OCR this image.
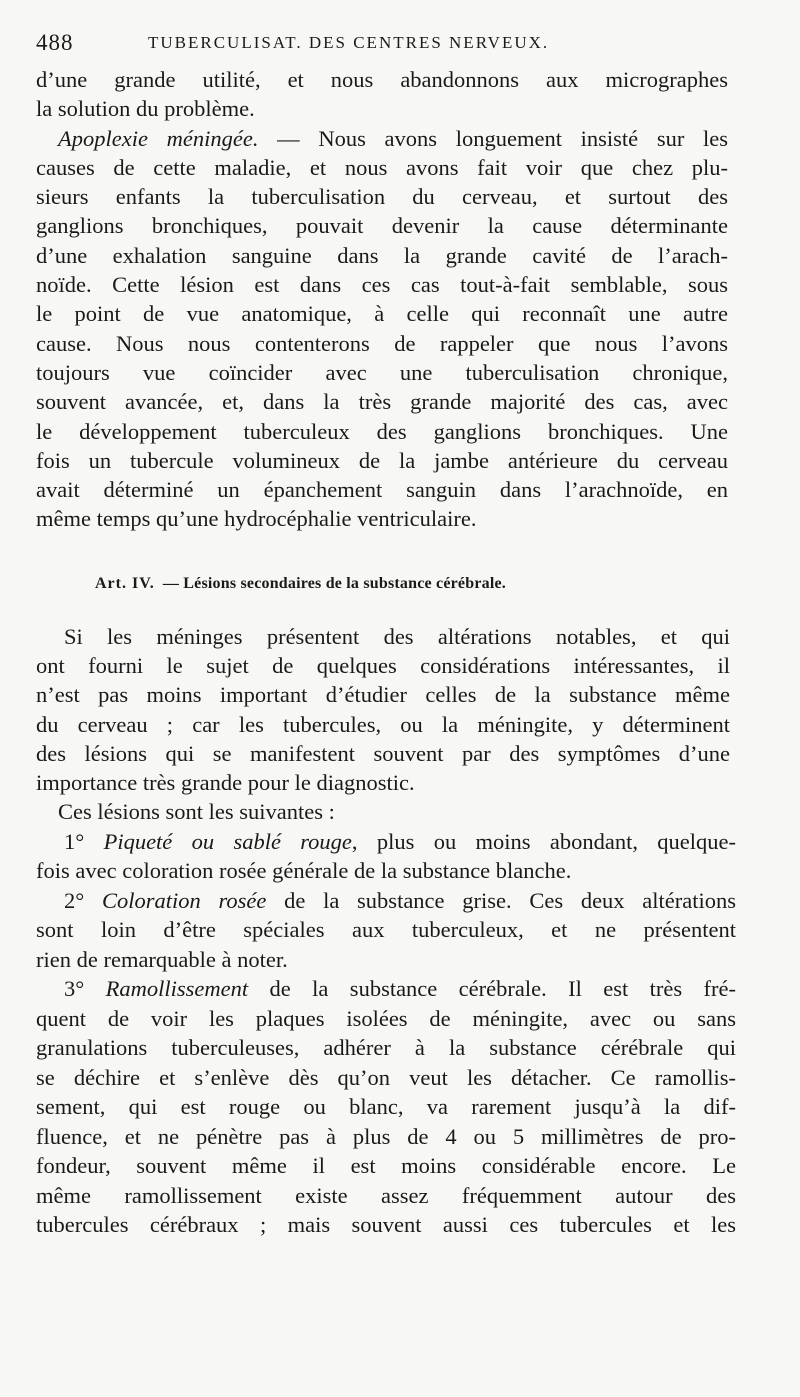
488	TUBERCULISAT. DES CENTRES NERVEUX.
d’une grande utilité, et nous abandonnons aux micrographes
la solution du problème.
Apoplexie méningée. — Nous avons longuement insisté sur les
causes de cette maladie, et nous avons fait voir que chez plu-
sieurs enfants la tuberculisation du cerveau, et surtout des
ganglions bronchiques, pouvait devenir la cause déterminante
d’une exhalation sanguine dans la grande cavité de l’arach-
noïde. Cette lésion est dans ces cas tout-à-fait semblable, sous
le point de vue anatomique, à celle qui reconnaît une autre
cause. Nous nous contenterons de rappeler que nous l’avons
toujours vue coïncider avec une tuberculisation chronique,
souvent avancée, et, dans la très grande majorité des cas, avec
le développement tuberculeux des ganglions bronchiques. Une
fois un tubercule volumineux de la jambe antérieure du cerveau
avait déterminé un épanchement sanguin dans l’arachnoïde, en
même temps qu’une hydrocéphalie ventriculaire.
Art. IV. — Lésions secondaires de la substance cérébrale.
Si les méninges présentent des altérations notables, et qui
ont fourni le sujet de quelques considérations intéressantes, il
n’est pas moins important d’étudier celles de la substance même
du cerveau ; car les tubercules, ou la méningite, y déterminent
des lésions qui se manifestent souvent par des symptômes d’une
importance très grande pour le diagnostic.
Ces lésions sont les suivantes :
1° Piqueté ou sablé rouge, plus ou moins abondant, quelque-
fois avec coloration rosée générale de la substance blanche.
2° Coloration rosée de la substance grise. Ces deux altérations
sont loin d’être spéciales aux tuberculeux, et ne présentent
rien de remarquable à noter.
3° Ramollissement de la substance cérébrale. Il est très fré-
quent de voir les plaques isolées de méningite, avec ou sans
granulations tuberculeuses, adhérer à la substance cérébrale qui
se déchire et s’enlève dès qu’on veut les détacher. Ce ramollis-
sement, qui est rouge ou blanc, va rarement jusqu’à la dif-
fluence, et ne pénètre pas à plus de 4 ou 5 millimètres de pro-
fondeur, souvent même il est moins considérable encore. Le
même ramollissement existe assez fréquemment autour des
tubercules cérébraux ; mais souvent aussi ces tubercules et les
